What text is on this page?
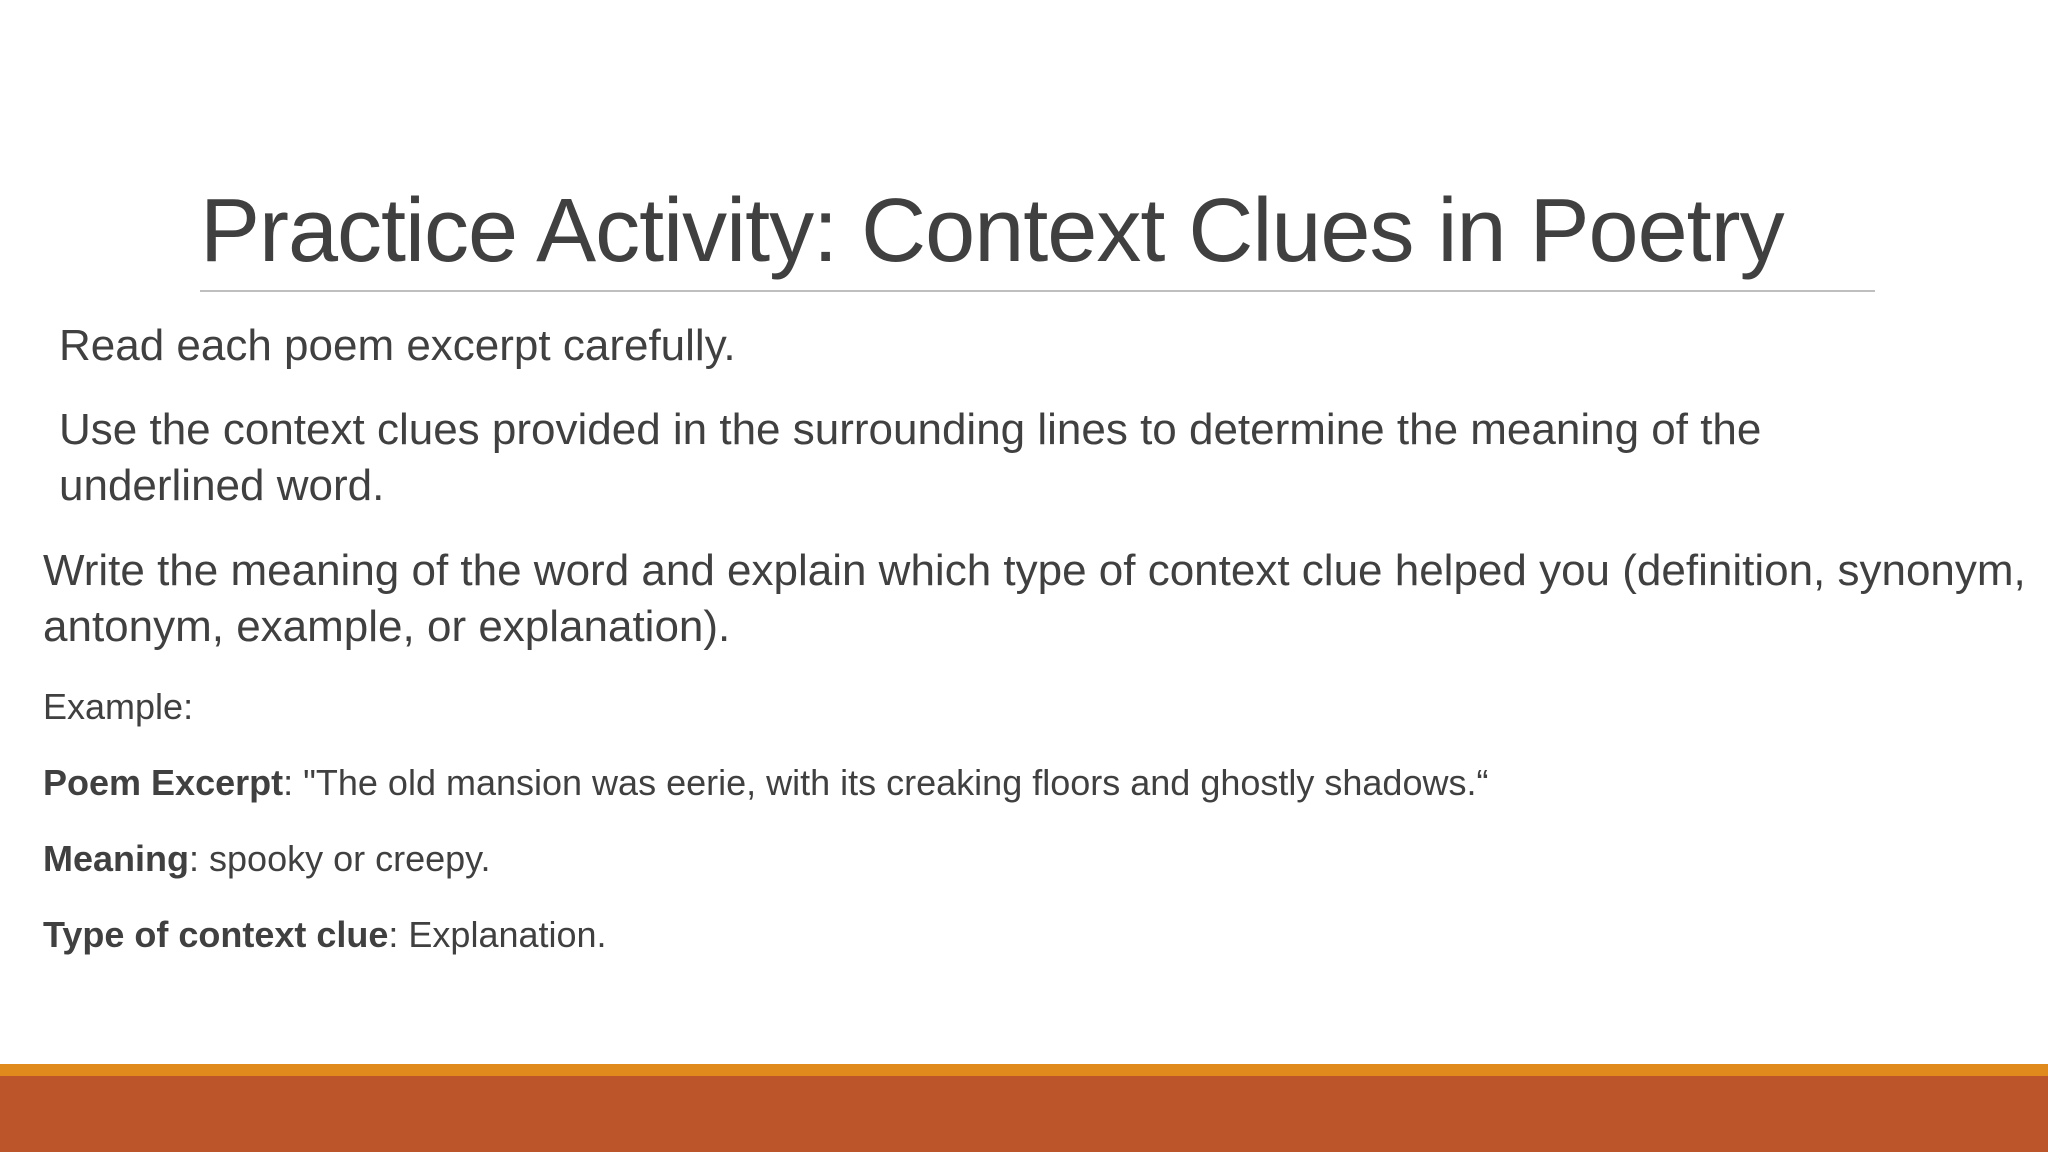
Practice Activity: Context Clues in Poetry

Read each poem excerpt carefully.

Use the context clues provided in the surrounding lines to determine the meaning of the underlined word.

Write the meaning of the word and explain which type of context clue helped you (definition, synonym, antonym, example, or explanation).

Example:

Poem Excerpt: "The old mansion was eerie, with its creaking floors and ghostly shadows.“

Meaning: spooky or creepy.

Type of context clue: Explanation.
